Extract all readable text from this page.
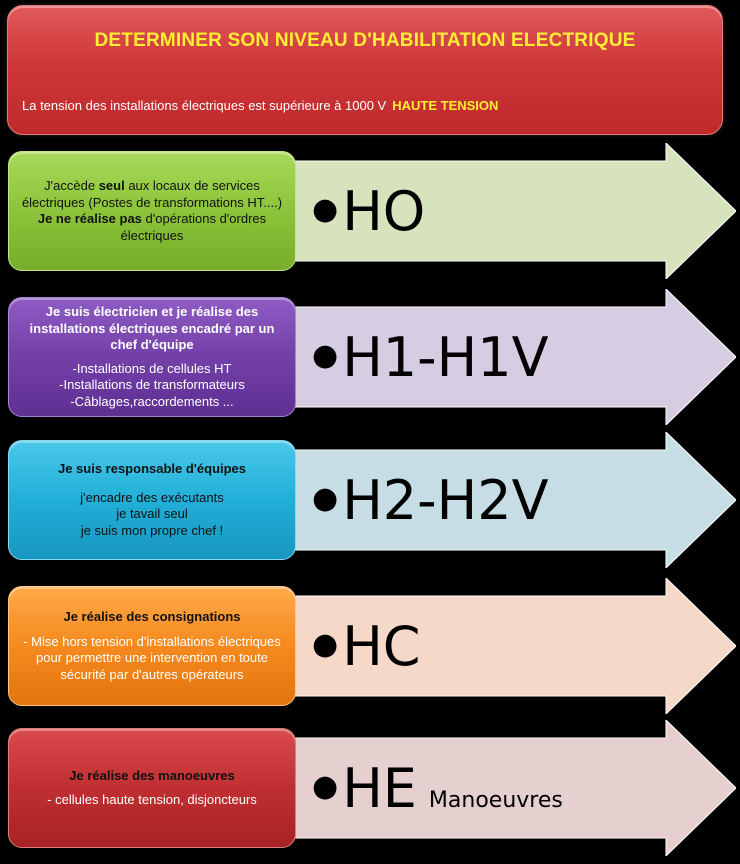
DETERMINER SON NIVEAU D'HABILITATION ELECTRIQUE
La tension des installations électriques est supérieure à 1000 V HAUTE TENSION

J'accède seul aux locaux de services électriques (Postes de transformations HT....)

Je ne réalise pas d'opérations d'ordres électriques

● HO

Je suis électricien et je réalise des installations électriques encadré par un chef d'équipe

-Installations de cellules HT

-Installations de transformateurs

-Câblages,raccordements ...

● H1-H1V

Je suis responsable d'équipes

j'encadre des exécutants

je tavail seul

je suis mon propre chef !

● H2-H2V

Je réalise des consignations

- Mise hors tension d'installations électriques pour permettre une intervention en toute sécurité par d'autres opérateurs

● HC

Je réalise des manoeuvres

- cellules haute tension, disjoncteurs ● HE Manoeuvres
